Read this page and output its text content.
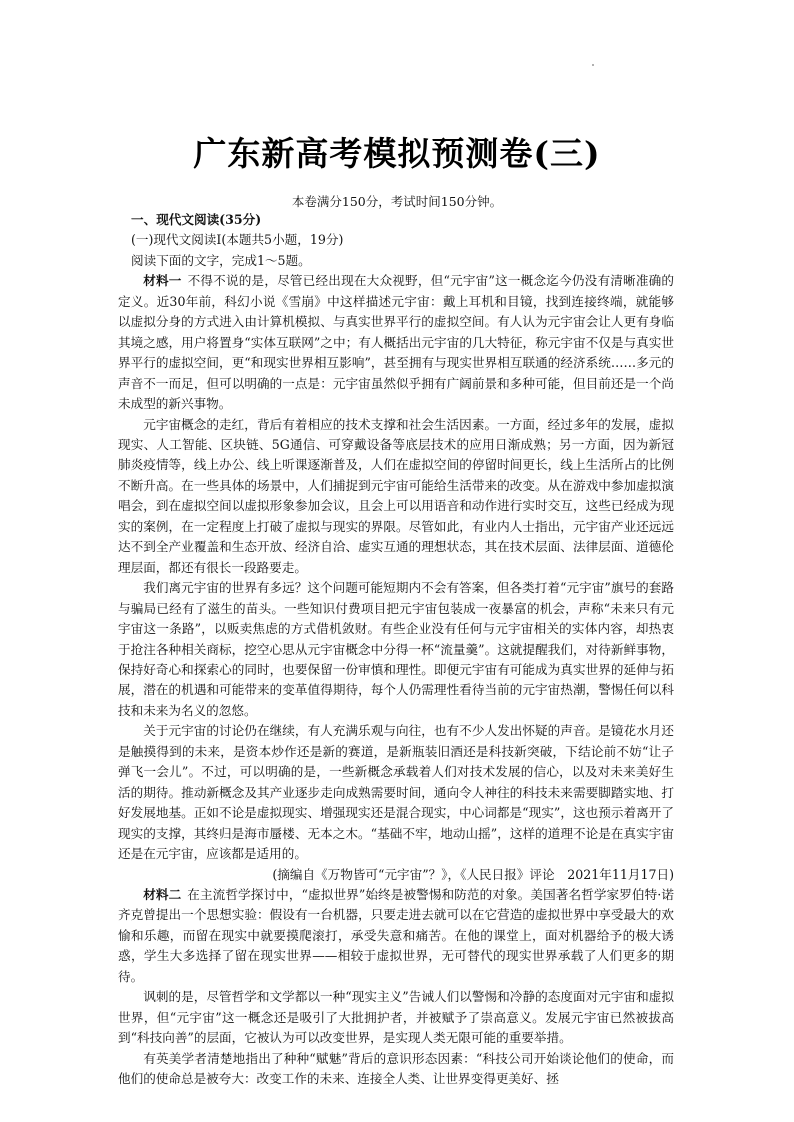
广东新高考模拟预测卷(三)
本卷满分150分，考试时间150分钟。

一、现代文阅读(35分)

(一)现代文阅读Ⅰ(本题共5小题，19分)

阅读下面的文字，完成1～5题。

材料一 不得不说的是，尽管已经出现在大众视野，但“元宇宙”这一概念迄今仍没有清晰准确的定义。近30年前，科幻小说《雪崩》中这样描述元宇宙：戴上耳机和目镜，找到连接终端，就能够以虚拟分身的方式进入由计算机模拟、与真实世界平行的虚拟空间。有人认为元宇宙会让人更有身临其境之感，用户将置身“实体互联网”之中；有人概括出元宇宙的几大特征，称元宇宙不仅是与真实世界平行的虚拟空间，更“和现实世界相互影响”，甚至拥有与现实世界相互联通的经济系统……多元的声音不一而足，但可以明确的一点是：元宇宙虽然似乎拥有广阔前景和多种可能，但目前还是一个尚未成型的新兴事物。

元宇宙概念的走红，背后有着相应的技术支撑和社会生活因素。一方面，经过多年的发展，虚拟现实、人工智能、区块链、5G通信、可穿戴设备等底层技术的应用日渐成熟；另一方面，因为新冠肺炎疫情等，线上办公、线上听课逐渐普及，人们在虚拟空间的停留时间更长，线上生活所占的比例不断升高。在一些具体的场景中，人们捕捉到元宇宙可能给生活带来的改变。从在游戏中参加虚拟演唱会，到在虚拟空间以虚拟形象参加会议，且会上可以用语音和动作进行实时交互，这些已经成为现实的案例，在一定程度上打破了虚拟与现实的界限。尽管如此，有业内人士指出，元宇宙产业还远远达不到全产业覆盖和生态开放、经济自洽、虚实互通的理想状态，其在技术层面、法律层面、道德伦理层面，都还有很长一段路要走。

我们离元宇宙的世界有多远？这个问题可能短期内不会有答案，但各类打着“元宇宙”旗号的套路与骗局已经有了滋生的苗头。一些知识付费项目把元宇宙包装成一夜暴富的机会，声称“未来只有元宇宙这一条路”，以贩卖焦虑的方式借机敛财。有些企业没有任何与元宇宙相关的实体内容，却热衷于抢注各种相关商标，挖空心思从元宇宙概念中分得一杯“流量羹”。这就提醒我们，对待新鲜事物，保持好奇心和探索心的同时，也要保留一份审慎和理性。即便元宇宙有可能成为真实世界的延伸与拓展，潜在的机遇和可能带来的变革值得期待，每个人仍需理性看待当前的元宇宙热潮，警惕任何以科技和未来为名义的忽悠。

关于元宇宙的讨论仍在继续，有人充满乐观与向往，也有不少人发出怀疑的声音。是镜花水月还是触摸得到的未来，是资本炒作还是新的赛道，是新瓶装旧酒还是科技新突破，下结论前不妨“让子弹飞一会儿”。不过，可以明确的是，一些新概念承载着人们对技术发展的信心，以及对未来美好生活的期待。推动新概念及其产业逐步走向成熟需要时间，通向令人神往的科技未来需要脚踏实地、打好发展地基。正如不论是虚拟现实、增强现实还是混合现实，中心词都是“现实”，这也预示着离开了现实的支撑，其终归是海市蜃楼、无本之木。“基础不牢，地动山摇”，这样的道理不论是在真实宇宙还是在元宇宙，应该都是适用的。

(摘编自《万物皆可“元宇宙”？》，《人民日报》评论　2021年11月17日)

材料二 在主流哲学探讨中，“虚拟世界”始终是被警惕和防范的对象。美国著名哲学家罗伯特·诺齐克曾提出一个思想实验：假设有一台机器，只要走进去就可以在它营造的虚拟世界中享受最大的欢愉和乐趣，而留在现实中就要摸爬滚打，承受失意和痛苦。在他的课堂上，面对机器给予的极大诱惑，学生大多选择了留在现实世界——相较于虚拟世界，无可替代的现实世界承载了人们更多的期待。

讽刺的是，尽管哲学和文学都以一种“现实主义”告诫人们以警惕和冷静的态度面对元宇宙和虚拟世界，但“元宇宙”这一概念还是吸引了大批拥护者，并被赋予了崇高意义。发展元宇宙已然被拔高到“科技向善”的层面，它被认为可以改变世界，是实现人类无限可能的重要举措。

有英美学者清楚地指出了种种“赋魅”背后的意识形态因素：“科技公司开始谈论他们的使命，而他们的使命总是被夸大：改变工作的未来、连接全人类、让世界变得更美好、拯
